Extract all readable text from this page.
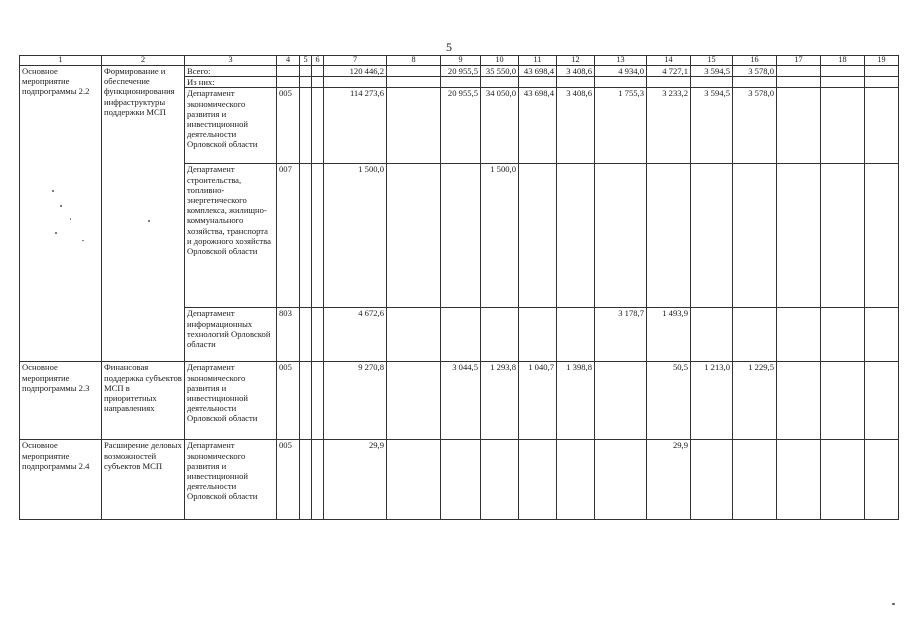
5
1	2	3	4	5	6	7	8	9	10	11	12	13	14	15	16	17	18	19
Основное мероприятие подпрограммы 2.2	Формирование и обеспечение функционирования инфраструктуры поддержки МСП	Всего:				120 446,2		20 955,5	35 550,0	43 698,4	3 408,6	4 934,0	4 727,1	3 594,5	3 578,0			
		Из них:																
		Департамент экономического развития и инвестиционной деятельности Орловской области	005			114 273,6		20 955,5	34 050,0	43 698,4	3 408,6	1 755,3	3 233,2	3 594,5	3 578,0			
		Департамент строительства, топливно-энергетического комплекса, жилищно-коммунального хозяйства, транспорта и дорожного хозяйства Орловской области	007			1 500,0			1 500,0									
		Департамент информационных технологий Орловской области	803			4 672,6						3 178,7	1 493,9					
Основное мероприятие подпрограммы 2.3	Финансовая поддержка субъектов МСП в приоритетных направлениях	Департамент экономического развития и инвестиционной деятельности Орловской области	005			9 270,8		3 044,5	1 293,8	1 040,7	1 398,8		50,5	1 213,0	1 229,5			
Основное мероприятие подпрограммы 2.4	Расширение деловых возможностей субъектов МСП	Департамент экономического развития и инвестиционной деятельности Орловской области	005			29,9							29,9					
